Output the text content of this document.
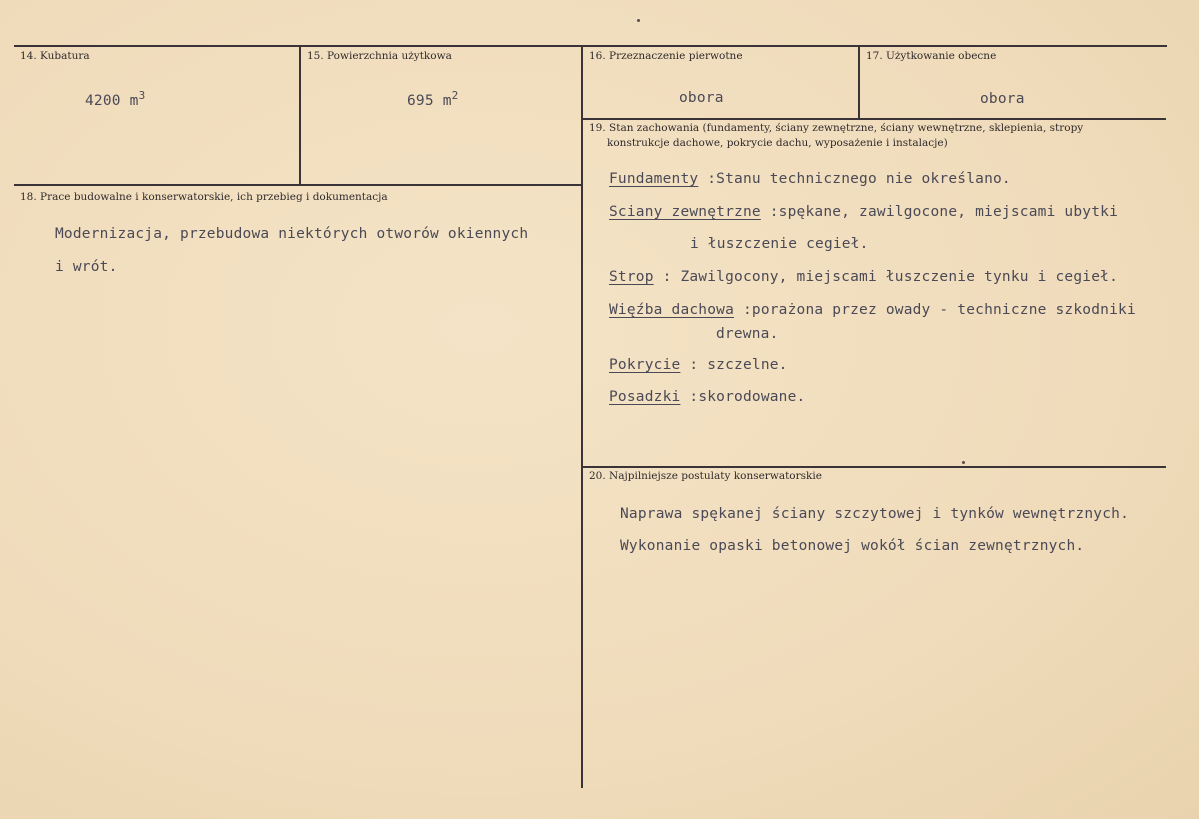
14. Kubatura
4200 $m^3$
15. Powierzchnia użytkowa
695 $m^2$
16. Przeznaczenie pierwotne
obora
17. Użytkowanie obecne
obora
18. Prace budowalne i konserwatorskie, ich przebieg i dokumentacja
Modernizacja, przebudowa niektórych otworów okiennych
i wrót.
19. Stan zachowania (fundamenty, ściany zewnętrzne, ściany wewnętrzne, sklepienia, stropy
konstrukcje dachowe, pokrycie dachu, wyposażenie i instalacje)
Fundamenty :Stanu technicznego nie określano.
Sciany zewnętrzne :spękane, zawilgocone, miejscami ubytki
i łuszczenie cegieł.
Strop : Zawilgocony, miejscami łuszczenie tynku i cegieł.
Więźba dachowa :porażona przez owady - techniczne szkodniki
drewna.
Pokrycie : szczelne.
Posadzki :skorodowane.
20. Najpilniejsze postulaty konserwatorskie
Naprawa spękanej ściany szczytowej i tynków wewnętrznych.
Wykonanie opaski betonowej wokół ścian zewnętrznych.
